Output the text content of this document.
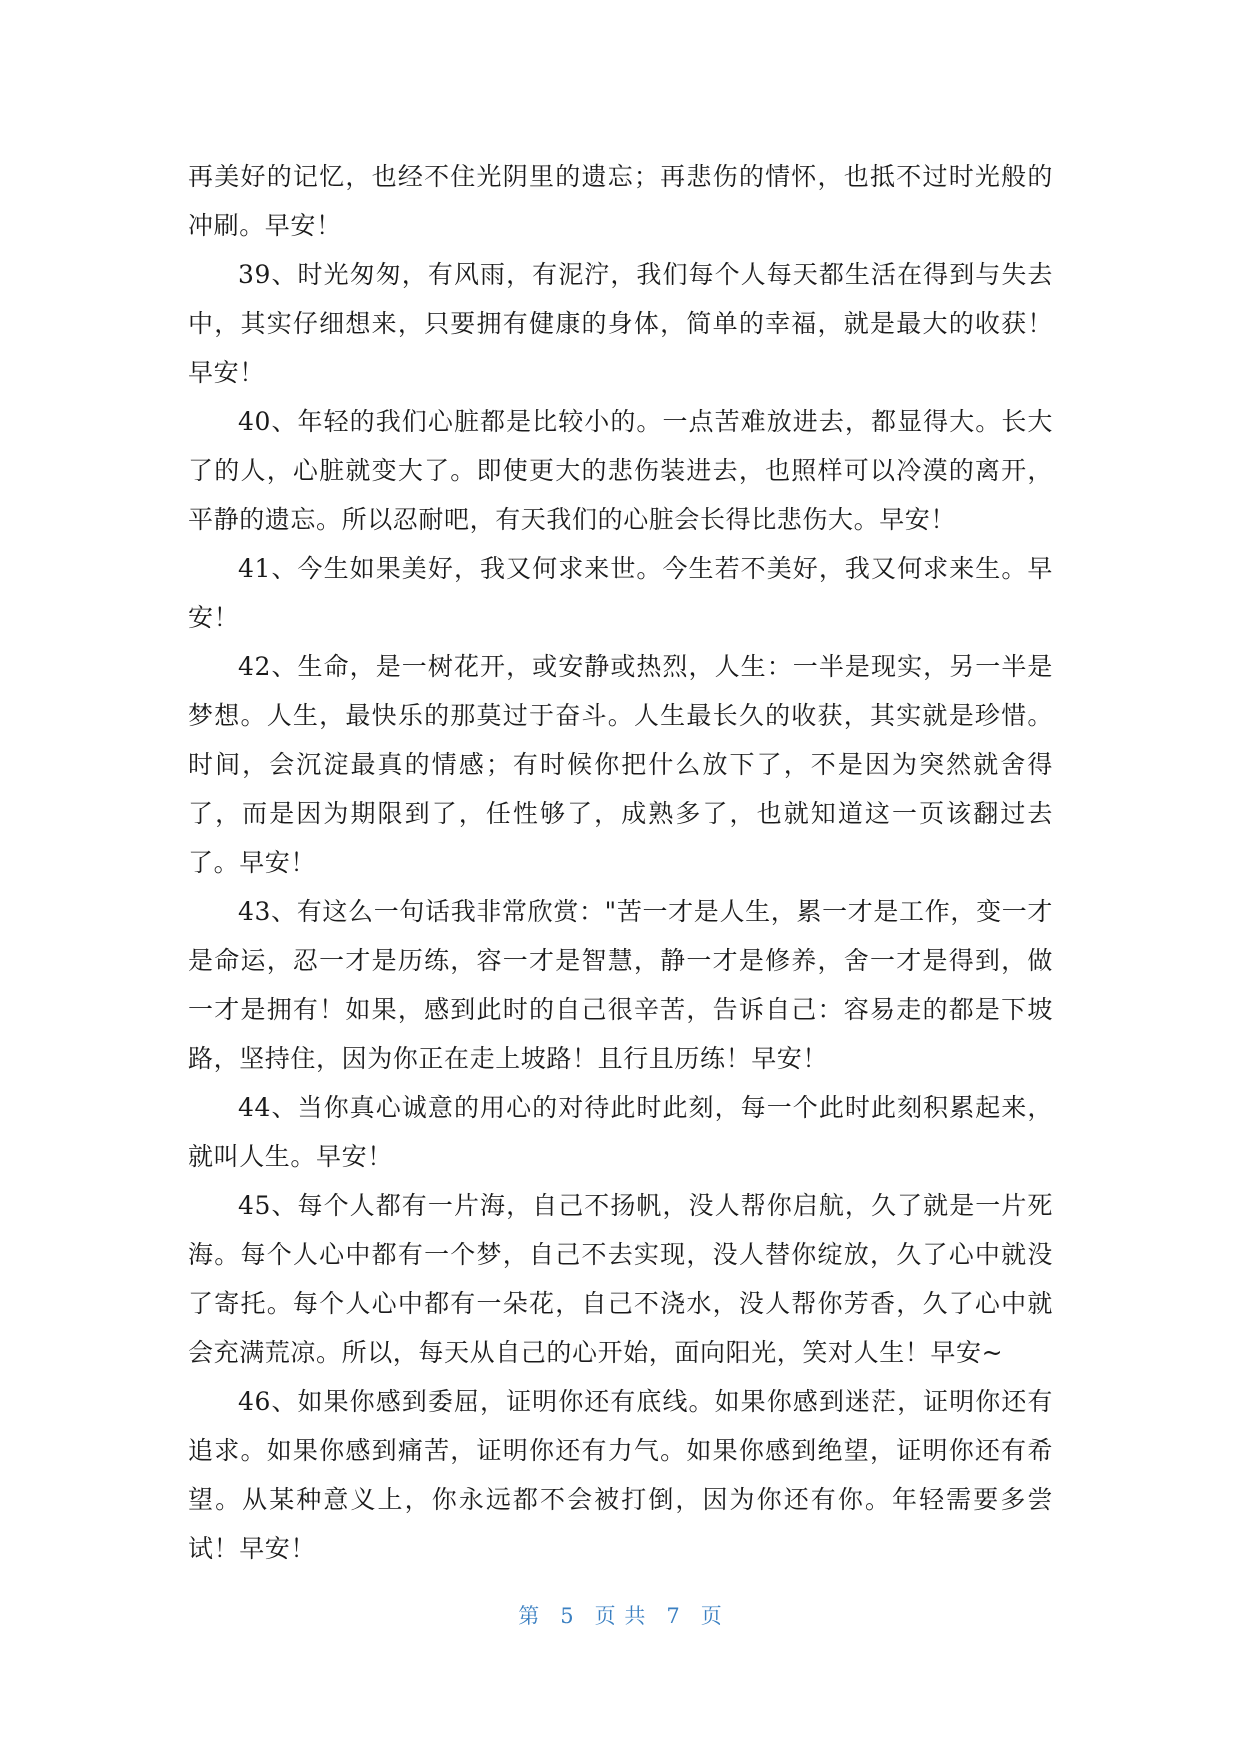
再美好的记忆，也经不住光阴里的遗忘；再悲伤的情怀，也抵不过时光般的冲刷。早安！

39、时光匆匆，有风雨，有泥泞，我们每个人每天都生活在得到与失去中，其实仔细想来，只要拥有健康的身体，简单的幸福，就是最大的收获！早安！

40、年轻的我们心脏都是比较小的。一点苦难放进去，都显得大。长大了的人，心脏就变大了。即使更大的悲伤装进去，也照样可以冷漠的离开，平静的遗忘。所以忍耐吧，有天我们的心脏会长得比悲伤大。早安！

41、今生如果美好，我又何求来世。今生若不美好，我又何求来生。早安！

42、生命，是一树花开，或安静或热烈，人生：一半是现实，另一半是梦想。人生，最快乐的那莫过于奋斗。人生最长久的收获，其实就是珍惜。时间，会沉淀最真的情感；有时候你把什么放下了，不是因为突然就舍得了，而是因为期限到了，任性够了，成熟多了，也就知道这一页该翻过去了。早安！

43、有这么一句话我非常欣赏："苦一才是人生，累一才是工作，变一才是命运，忍一才是历练，容一才是智慧，静一才是修养，舍一才是得到，做一才是拥有！如果，感到此时的自己很辛苦，告诉自己：容易走的都是下坡路，坚持住，因为你正在走上坡路！且行且历练！早安！

44、当你真心诚意的用心的对待此时此刻，每一个此时此刻积累起来，就叫人生。早安！

45、每个人都有一片海，自己不扬帆，没人帮你启航，久了就是一片死海。每个人心中都有一个梦，自己不去实现，没人替你绽放，久了心中就没了寄托。每个人心中都有一朵花，自己不浇水，没人帮你芳香，久了心中就会充满荒凉。所以，每天从自己的心开始，面向阳光，笑对人生！早安~

46、如果你感到委屈，证明你还有底线。如果你感到迷茫，证明你还有追求。如果你感到痛苦，证明你还有力气。如果你感到绝望，证明你还有希望。从某种意义上，你永远都不会被打倒，因为你还有你。年轻需要多尝试！早安！

第 5 页 共 7 页
